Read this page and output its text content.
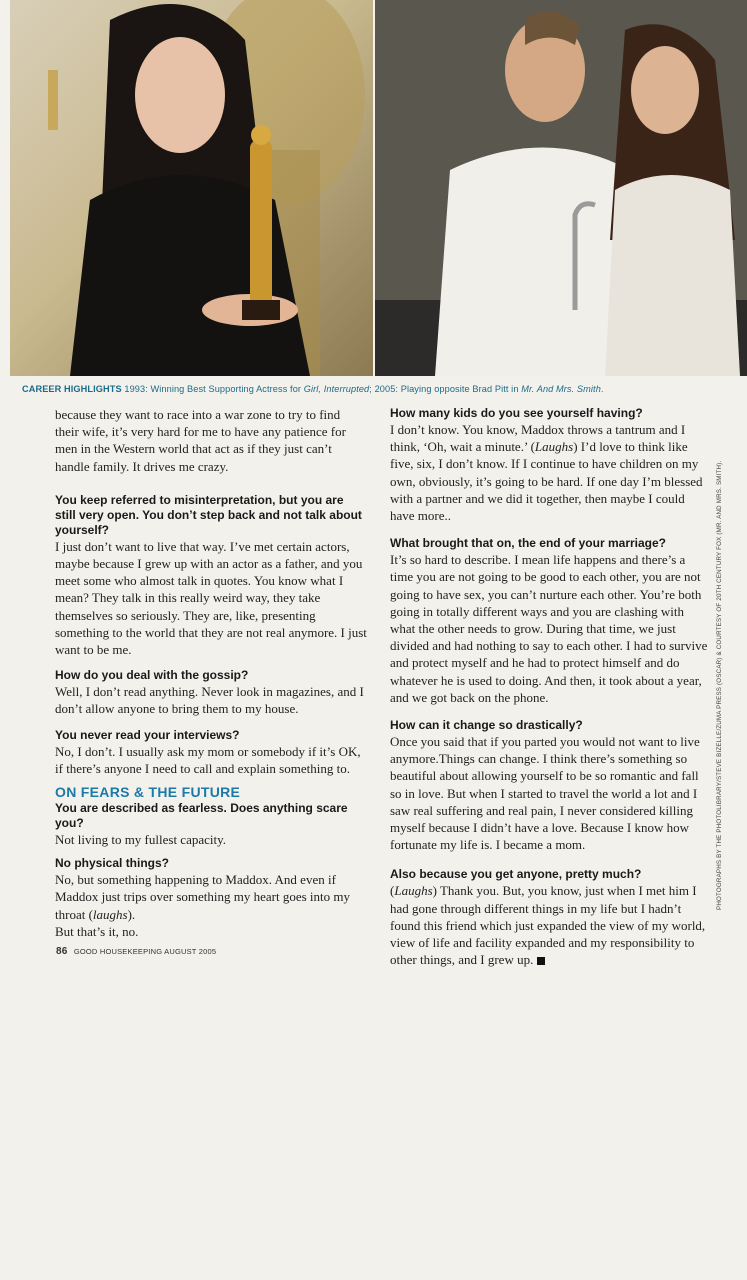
CAREER HIGHLIGHTS 1993: Winning Best Supporting Actress for Girl, Interrupted; 2005: Playing opposite Brad Pitt in Mr. And Mrs. Smith.

because they want to race into a war zone to try to find
their wife, it’s very hard for me to have any patience for
men in the Western world that act as if they just can’t
handle family. It drives me crazy.

You keep referred to misinterpretation, but you are still very open. You don’t step back and not talk about yourself?

I just don’t want to live that way. I’ve met certain actors, maybe because I grew up with an actor as a father, and you meet some who almost talk in quotes. You know what I mean? They talk in this really weird way, they take themselves so seriously. They are, like, presenting something to the world that they are not real anymore. I just want to be me.

How do you deal with the gossip?

Well, I don’t read anything. Never look in magazines, and I don’t allow anyone to bring them to my house.

You never read your interviews?

No, I don’t. I usually ask my mom or somebody if it’s OK, if there’s anyone I need to call and explain something to.

ON FEARS & THE FUTURE
You are described as fearless. Does anything scare you?

Not living to my fullest capacity.

No physical things?

No, but something happening to Maddox. And even if Maddox just trips over something my heart goes into my throat (laughs).
But that’s it, no.

How many kids do you see yourself having?

I don’t know. You know, Maddox throws a tantrum and I think, ‘Oh, wait a minute.’ (Laughs) I’d love to think like five, six, I don’t know. If I continue to have children on my own, obviously, it’s going to be hard. If one day I’m blessed with a partner and we did it together, then maybe I could have more..

What brought that on, the end of your marriage?

It’s so hard to describe. I mean life happens and there’s a time you are not going to be good to each other, you are not going to have sex, you can’t nurture each other. You’re both going in totally different ways and you are clashing with what the other needs to grow. During that time, we just divided and had nothing to say to each other. I had to survive and protect myself and he had to protect himself and do whatever he is used to doing. And then, it took about a year, and we got back on the phone.

How can it change so drastically?

Once you said that if you parted you would not want to live anymore.Things can change. I think there’s something so beautiful about allowing yourself to be so romantic and fall so in love. But when I started to travel the world a lot and I saw real suffering and real pain, I never considered killing myself because I didn’t have a love. Because I know how fortunate my life is. I became a mom.

Also because you get anyone, pretty much?

(Laughs) Thank you. But, you know, just when I met him I had gone through different things in my life but I hadn’t found this friend which just expanded the view of my world, view of life and facility expanded and my responsibility to other things, and I grew up.

PHOTOGRAPHS BY THE PHOTOLIBRARY/STEVE BIZELLE/ZUMA PRESS (OSCAR) & COURTESY OF 20TH CENTURY FOX (MR. AND MRS. SMITH).
86 GOOD HOUSEKEEPING AUGUST 2005
